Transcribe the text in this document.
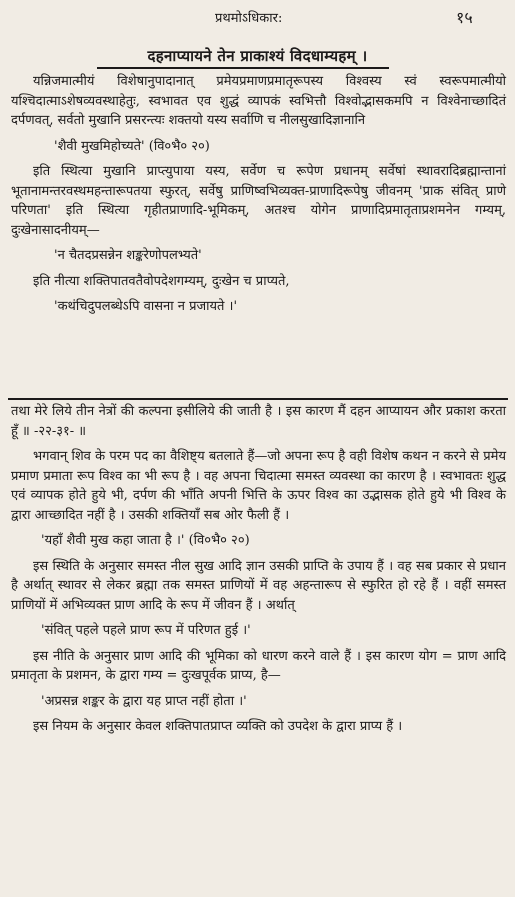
प्रथमोऽधिकार:	१५
दहनाप्यायने तेन प्राकाश्यं विदधाम्यहम् ।

यन्निजमात्मीयं विशेषानुपादानात् प्रमेयप्रमाणप्रमातृरूपस्य विश्वस्य स्वं स्वरूपमात्मीयो यश्चिदात्माऽशेषव्यवस्थाहेतुः, स्वभावत एव शुद्धं व्यापकं स्वभित्तौ विश्वोद्भासकमपि न विश्वेनाच्छादितं दर्पणवत्, सर्वतो मुखानि प्रसरन्त्यः शक्तयो यस्य सर्वाणि च नीलसुखादिज्ञानानि

'शैवी मुखमिहोच्यते' (वि०भै० २०)

इति स्थित्या मुखानि प्राप्त्युपाया यस्य, सर्वेण च रूपेण प्रधानम् सर्वेषां स्थावरादिब्रह्मान्तानां भूतानामन्तरवस्थमहन्तारूपतया स्फुरत्, सर्वेषु प्राणिष्वभिव्यक्त-प्राणादिरूपेषु जीवनम् 'प्राक संवित् प्राणे परिणता' इति स्थित्या गृहीतप्राणादि-भूमिकम्, अतश्च योगेन प्राणादिप्रमातृताप्रशमनेन गम्यम्, दुःखेनासादनीयम्—

'न चैतदप्रसन्नेन शङ्करेणोपलभ्यते'

इति नीत्या शक्तिपातवतैवोपदेशगम्यम्, दुःखेन च प्राप्यते,

'कथंचिदुपलब्धेऽपि वासना न प्रजायते ।'

तथा मेरे लिये तीन नेत्रों की कल्पना इसीलिये की जाती है । इस कारण मैं दहन आप्यायन और प्रकाश करता हूँ ॥ -२२-३१- ॥

भगवान् शिव के परम पद का वैशिष्ट्य बतलाते हैं—जो अपना रूप है वही विशेष कथन न करने से प्रमेय प्रमाण प्रमाता रूप विश्व का भी रूप है । वह अपना चिदात्मा समस्त व्यवस्था का कारण है । स्वभावतः शुद्ध एवं व्यापक होते हुये भी, दर्पण की भाँति अपनी भित्ति के ऊपर विश्व का उद्भासक होते हुये भी विश्व के द्वारा आच्छादित नहीं है । उसकी शक्तियाँ सब ओर फैली हैं ।

'यहाँ शैवी मुख कहा जाता है ।' (वि०भै० २०)

इस स्थिति के अनुसार समस्त नील सुख आदि ज्ञान उसकी प्राप्ति के उपाय हैं । वह सब प्रकार से प्रधान है अर्थात् स्थावर से लेकर ब्रह्मा तक समस्त प्राणियों में वह अहन्तारूप से स्फुरित हो रहे हैं । वहीं समस्त प्राणियों में अभिव्यक्त प्राण आदि के रूप में जीवन हैं । अर्थात्

'संवित् पहले पहले प्राण रूप में परिणत हुई ।'

इस नीति के अनुसार प्राण आदि की भूमिका को धारण करने वाले हैं । इस कारण योग = प्राण आदि प्रमातृता के प्रशमन, के द्वारा गम्य = दुःखपूर्वक प्राप्य, है—

'अप्रसन्न शङ्कर के द्वारा यह प्राप्त नहीं होता ।'

इस नियम के अनुसार केवल शक्तिपातप्राप्त व्यक्ति को उपदेश के द्वारा प्राप्य हैं ।
